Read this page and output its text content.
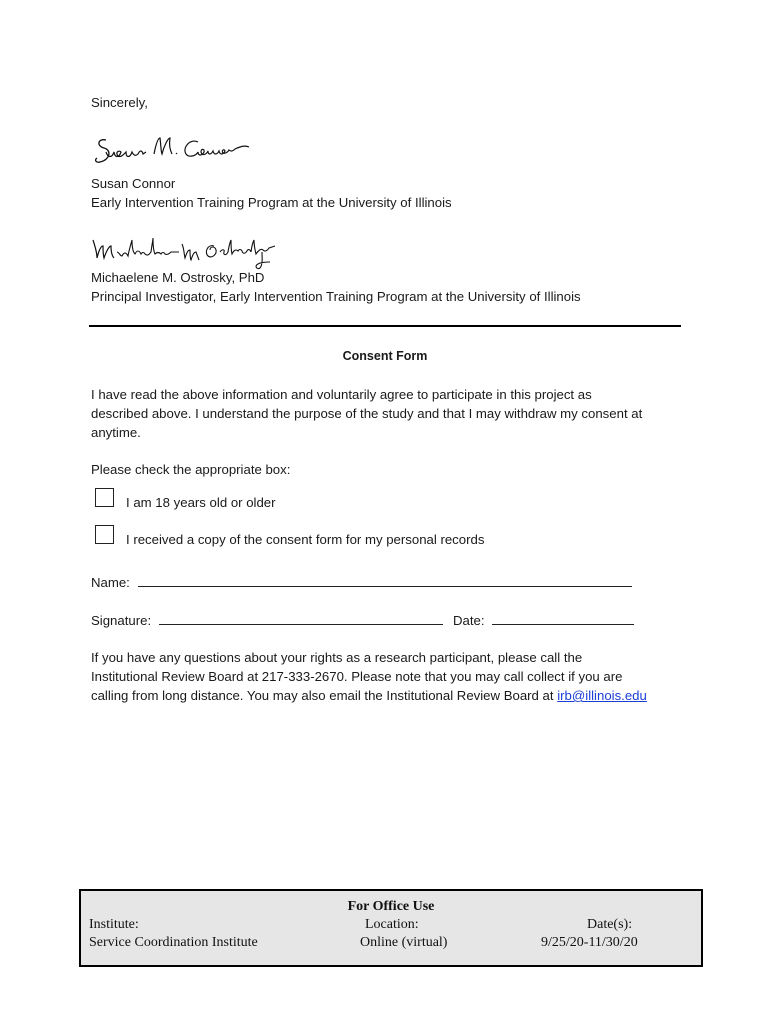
Sincerely,
Susan Connor
Early Intervention Training Program at the University of Illinois
Michaelene M. Ostrosky, PhD
Principal Investigator, Early Intervention Training Program at the University of Illinois
Consent Form
I have read the above information and voluntarily agree to participate in this project as
described above. I understand the purpose of the study and that I may withdraw my consent at
anytime.
Please check the appropriate box:
I am 18 years old or older
I received a copy of the consent form for my personal records
Name:
Signature:	Date:
If you have any questions about your rights as a research participant, please call the
Institutional Review Board at 217-333-2670. Please note that you may call collect if you are
calling from long distance. You may also email the Institutional Review Board at irb@illinois.edu
For Office Use
Institute:
Service Coordination Institute
Location:
Online (virtual)
Date(s):
9/25/20-11/30/20
